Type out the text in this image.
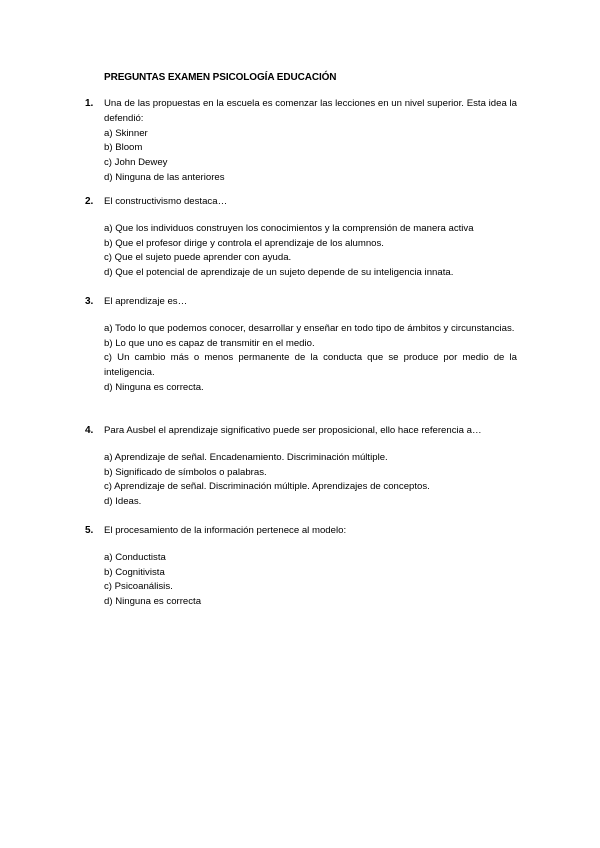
PREGUNTAS EXAMEN PSICOLOGÍA EDUCACIÓN
1. Una de las propuestas en la escuela es comenzar las lecciones en un nivel superior. Esta idea la defendió:
a) Skinner
b) Bloom
c) John Dewey
d) Ninguna de las anteriores
2. El constructivismo destaca…
a) Que los individuos construyen los conocimientos y la comprensión de manera activa
b) Que el profesor dirige y controla el aprendizaje de los alumnos.
c) Que el sujeto puede aprender con ayuda.
d) Que el potencial de aprendizaje de un sujeto depende de su inteligencia innata.
3. El aprendizaje es…
a) Todo lo que podemos conocer, desarrollar y enseñar en todo tipo de ámbitos y circunstancias.
b) Lo que uno es capaz de transmitir en el medio.
c) Un cambio más o menos permanente de la conducta que se produce por medio de la inteligencia.
d) Ninguna es correcta.
4. Para Ausbel el aprendizaje significativo puede ser proposicional, ello hace referencia a…
a) Aprendizaje de señal. Encadenamiento. Discriminación múltiple.
b) Significado de símbolos o palabras.
c) Aprendizaje de señal. Discriminación múltiple. Aprendizajes de conceptos.
d) Ideas.
5. El procesamiento de la información pertenece al modelo:
a) Conductista
b) Cognitivista
c) Psicoanálisis.
d) Ninguna es correcta
